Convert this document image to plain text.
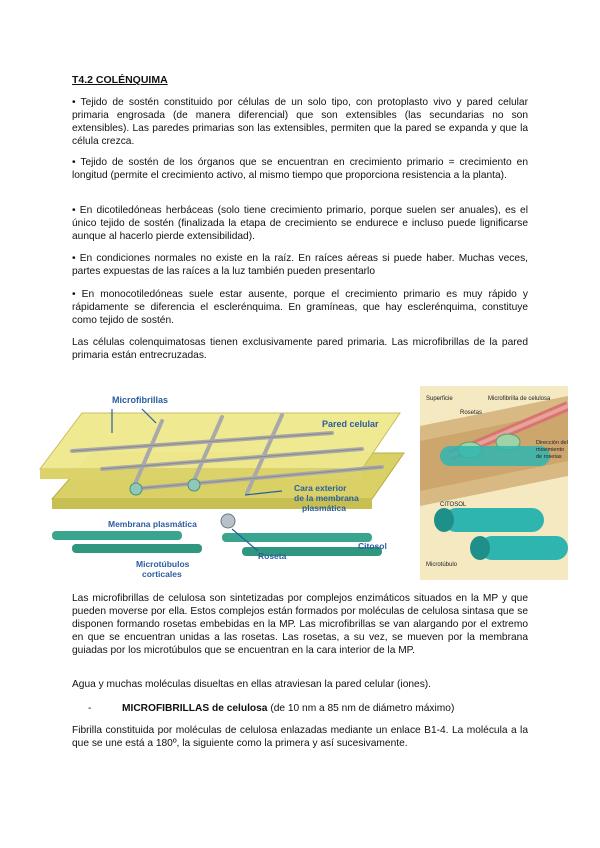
T4.2 COLÉNQUIMA

• Tejido de sostén constituido por células de un solo tipo, con protoplasto vivo y pared celular primaria engrosada (de manera diferencial) que son extensibles (las secundarias no son extensibles). Las paredes primarias son las extensibles, permiten que la pared se expanda y que la célula crezca.

• Tejido de sostén de los órganos que se encuentran en crecimiento primario = crecimiento en longitud (permite el crecimiento activo, al mismo tiempo que proporciona resistencia a la planta).

• En dicotiledóneas herbáceas (solo tiene crecimiento primario, porque suelen ser anuales), es el único tejido de sostén (finalizada la etapa de crecimiento se endurece e incluso puede lignificarse aunque al hacerlo pierde extensibilidad).

• En condiciones normales no existe en la raíz. En raíces aéreas si puede haber. Muchas veces, partes expuestas de las raíces a la luz también pueden presentarlo

• En monocotiledóneas suele estar ausente, porque el crecimiento primario es muy rápido y rápidamente se diferencia el esclerénquima. En gramíneas, que hay esclerénquima, constituye como tejido de sostén.

Las células colenquimatosas tienen exclusivamente pared primaria. Las microfibrillas de la pared primaria están entrecruzadas.

Microfibrillas
Pared celular
Cara exterior
de la membrana
plasmática
Membrana plasmática
Citosol
Roseta
Microtúbulos
corticales
Superficie
Rosetas
Microfibrilla de celulosa
Dirección del
movimiento
de rosetas
CITOSOL
Microtúbulo

Las microfibrillas de celulosa son sintetizadas por complejos enzimáticos situados en la MP y que pueden moverse por ella. Estos complejos están formados por moléculas de celulosa sintasa que se disponen formando rosetas embebidas en la MP. Las microfibrillas se van alargando por el extremo en que se encuentran unidas a las rosetas. Las rosetas, a su vez, se mueven por la membrana guiadas por los microtúbulos que se encuentran en la cara interior de la MP.

Agua y muchas moléculas disueltas en ellas atraviesan la pared celular (iones).

-	MICROFIBRILLAS de celulosa (de 10 nm a 85 nm de diámetro máximo)

Fibrilla constituida por moléculas de celulosa enlazadas mediante un enlace B1-4. La molécula a la que se une está a 180º, la siguiente como la primera y así sucesivamente.
